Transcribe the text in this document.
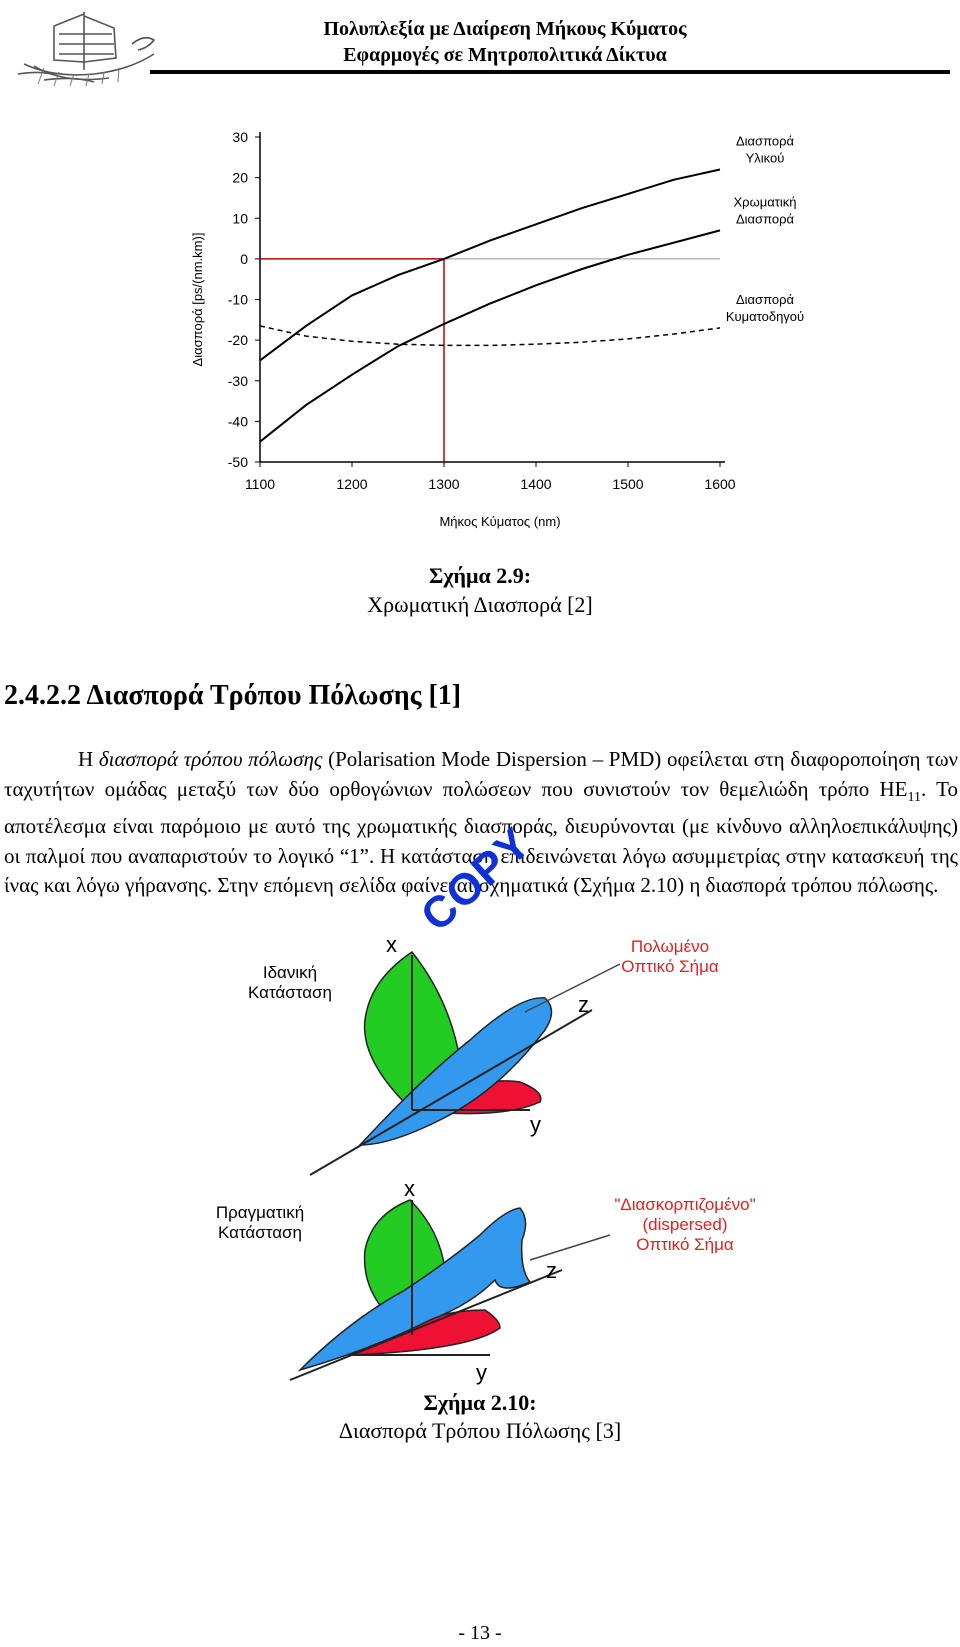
Πολυπλεξία με Διαίρεση Μήκους Κύματος
Εφαρμογές σε Μητροπολιτικά Δίκτυα
30
20
10
0
-10
-20
-30
-40
-50
1100	1200	1300	1400	1500	1600
Μήκος Κύματος (nm)
Διασπορά [ps/(nm.km)]
Διασπορά
Υλικού
Χρωματική
Διασπορά
Διασπορά
Κυματοδηγού
Σχήμα 2.9:
Χρωματική Διασπορά [2]
2.4.2.2 Διασπορά Τρόπου Πόλωσης [1]
Η διασπορά τρόπου πόλωσης (Polarisation Mode Dispersion – PMD) οφείλεται στη διαφοροποίηση των ταχυτήτων ομάδας μεταξύ των δύο ορθογώνιων πολώσεων που συνιστούν τον θεμελιώδη τρόπο $HE_{11}$. Το αποτέλεσμα είναι παρόμοιο με αυτό της χρωματικής διασποράς, διευρύνονται (με κίνδυνο αλληλοεπικάλυψης) οι παλμοί που αναπαριστούν το λογικό “1”. Η κατάσταση επιδεινώνεται λόγω ασυμμετρίας στην κατασκευή της ίνας και λόγω γήρανσης. Στην επόμενη σελίδα φαίνεται σχηματικά (Σχήμα 2.10) η διασπορά τρόπου πόλωσης.
x
y
z
Ιδανική
Κατάσταση
Πολωμένο
Οπτικό Σήμα
x
y
z
Πραγματική
Κατάσταση
"Διασκορπιζομένο"
(dispersed)
Οπτικό Σήμα
Σχήμα 2.10:
Διασπορά Τρόπου Πόλωσης [3]
COPY
- 13 -
